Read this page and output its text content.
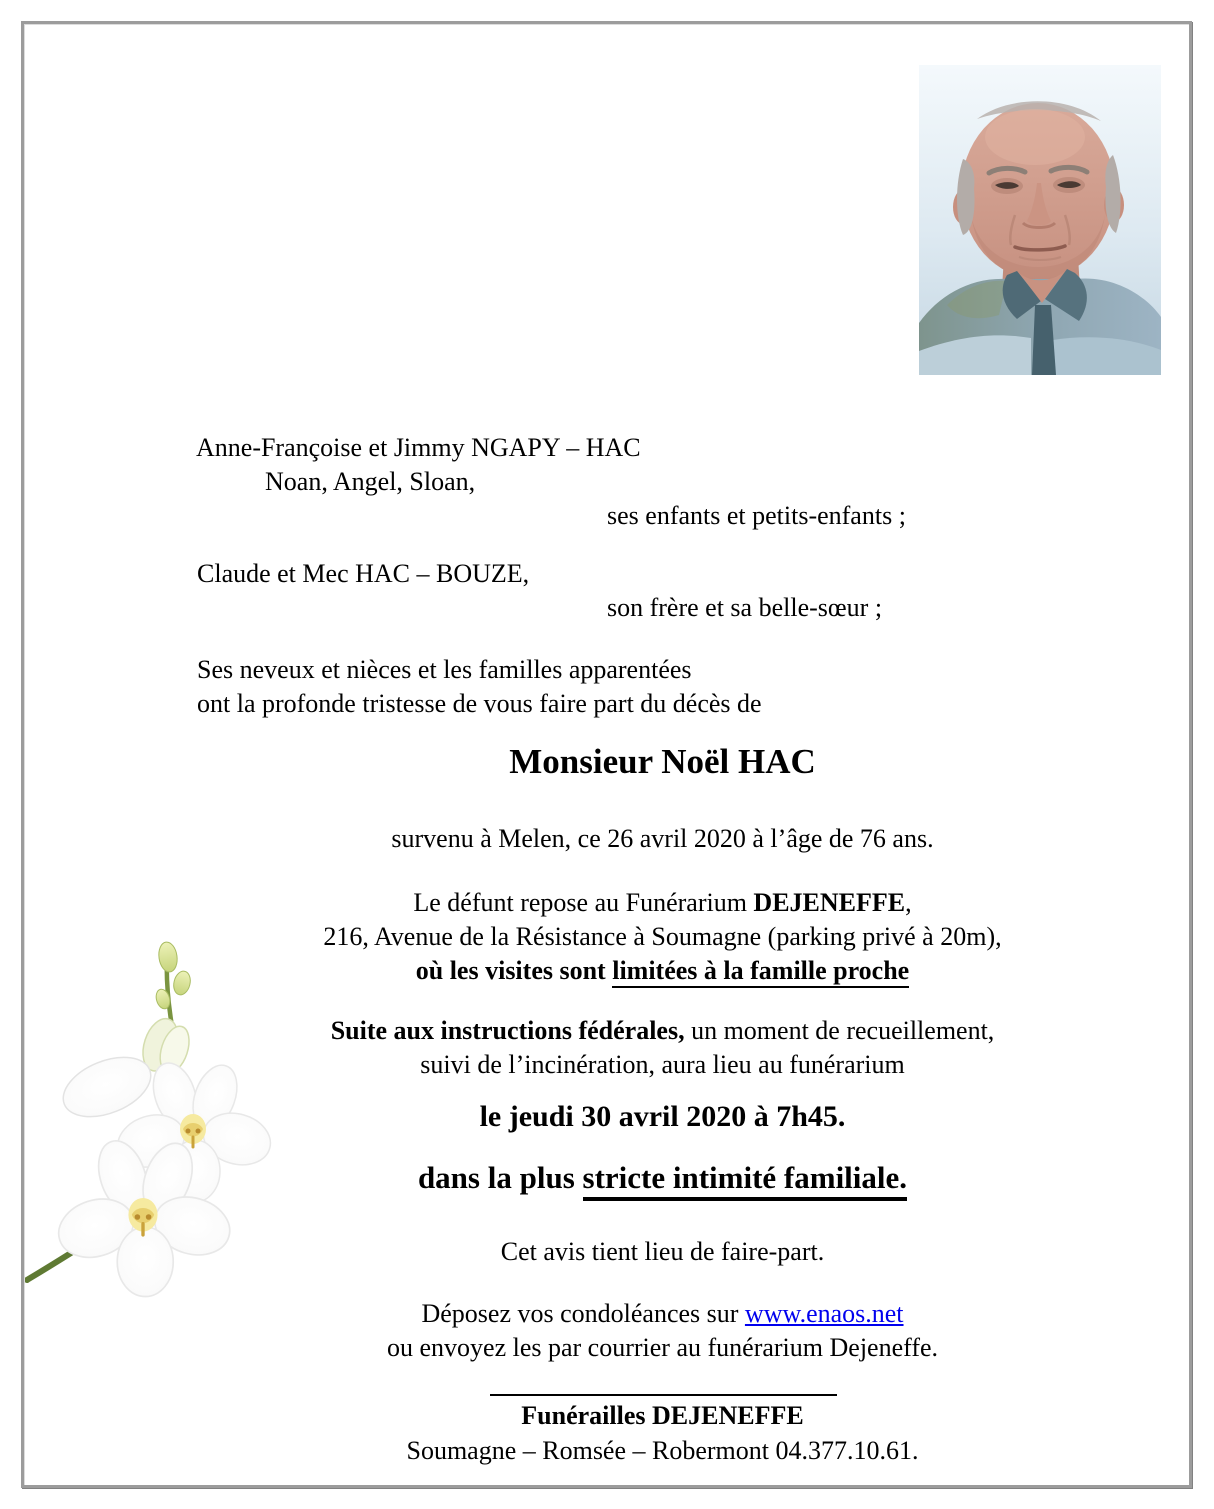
Anne-Françoise et Jimmy NGAPY – HAC
Noan, Angel, Sloan,
ses enfants et petits-enfants ;
Claude et Mec HAC – BOUZE,
son frère et sa belle-sœur ;
Ses neveux et nièces et les familles apparentées
ont la profonde tristesse de vous faire part du décès de
Monsieur Noël HAC
survenu à Melen, ce 26 avril 2020 à l’âge de 76 ans.
Le défunt repose au Funérarium DEJENEFFE,
216, Avenue de la Résistance à Soumagne (parking privé à 20m),
où les visites sont limitées à la famille proche
Suite aux instructions fédérales, un moment de recueillement,
suivi de l’incinération, aura lieu au funérarium
le jeudi 30 avril 2020 à 7h45.
dans la plus stricte intimité familiale.
Cet avis tient lieu de faire-part.
Déposez vos condoléances sur www.enaos.net
ou envoyez les par courrier au funérarium Dejeneffe.
Funérailles DEJENEFFE
Soumagne – Romsée – Robermont 04.377.10.61.
